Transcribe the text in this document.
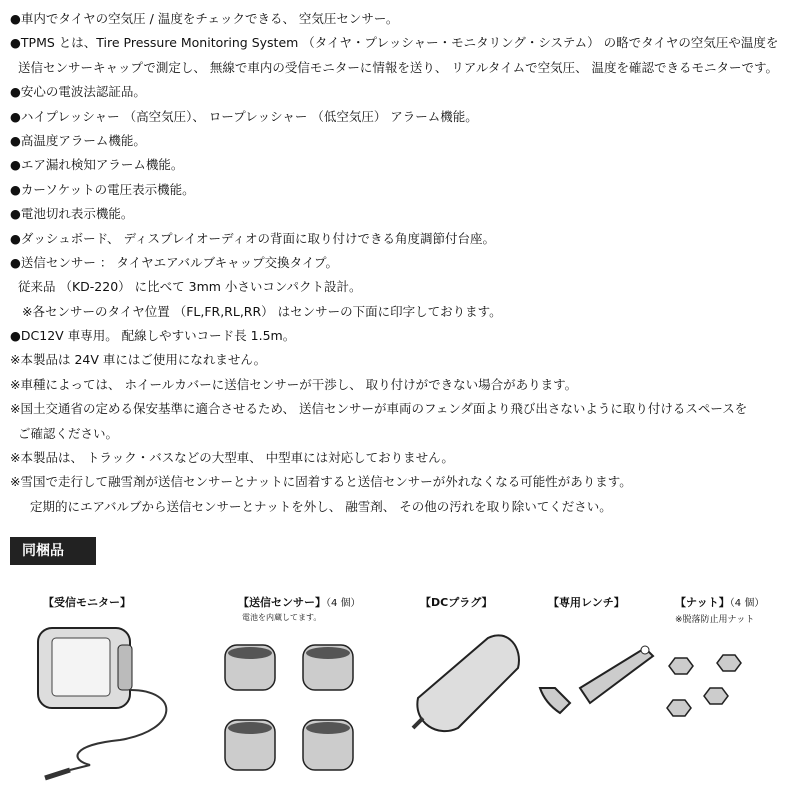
●車内でタイヤの空気圧 / 温度をチェックできる、 空気圧センサー。
●TPMS とは、Tire Pressure Monitoring System （タイヤ・プレッシャー・モニタリング・システム） の略でタイヤの空気圧や温度を
送信センサーキャップで測定し、 無線で車内の受信モニターに情報を送り、 リアルタイムで空気圧、 温度を確認できるモニターです。
●安心の電波法認証品。
●ハイプレッシャー （高空気圧）、 ロープレッシャー （低空気圧） アラーム機能。
●高温度アラーム機能。
●エア漏れ検知アラーム機能。
●カーソケットの電圧表示機能。
●電池切れ表示機能。
●ダッシュボード、 ディスプレイオーディオの背面に取り付けできる角度調節付台座。
●送信センサー ： タイヤエアバルブキャップ交換タイプ。
従来品 （KD-220） に比べて 3mm 小さいコンパクト設計。
※各センサーのタイヤ位置 （FL,FR,RL,RR） はセンサーの下面に印字しております。
●DC12V 車専用。 配線しやすいコード長 1.5m。
※本製品は 24V 車にはご使用になれません。
※車種によっては、 ホイールカバーに送信センサーが干渉し、 取り付けができない場合があります。
※国土交通省の定める保安基準に適合させるため、 送信センサーが車両のフェンダ面より飛び出さないように取り付けるスペースを
ご確認ください。
※本製品は、 トラック・バスなどの大型車、 中型車には対応しておりません。
※雪国で走行して融雪剤が送信センサーとナットに固着すると送信センサーが外れなくなる可能性があります。
定期的にエアバルブから送信センサーとナットを外し、 融雪剤、 その他の汚れを取り除いてください。
同梱品
【受信モニター】	【送信センサー】（4 個）
電池を内蔵してます。
【DCプラグ】	【専用レンチ】	【ナット】（4 個）
※脱落防止用ナット
